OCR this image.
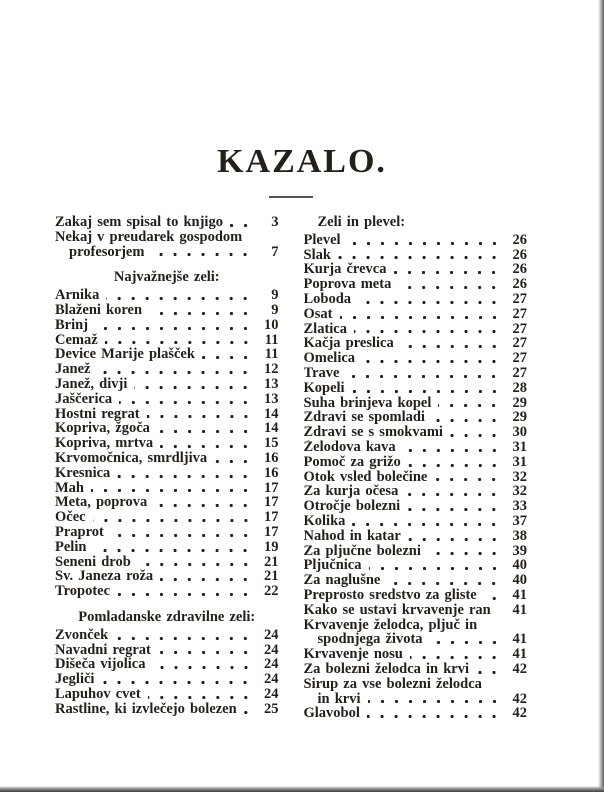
KAZALO.
Zakaj sem spisal to knjigo	3
Nekaj v preudarek gospodom
profesorjem	7
Najvažnejše zeli:
Arnika	9
Blaženi koren	9
Brinj	10
Čemaž	11
Device Marije plašček	11
Janež	12
Janež, divji	13
Jaščerica	13
Hostni regrat	14
Kopriva, žgoča	14
Kopriva, mrtva	15
Krvomočnica, smrdljiva	16
Kresnica	16
Mah	17
Meta, poprova	17
Očec	17
Praprot	17
Pelin	19
Seneni drob	21
Sv. Janeza roža	21
Tropotec	22
Pomladanske zdravilne zeli:
Zvonček	24
Navadni regrat	24
Dišeča vijolica	24
Jegliči	24
Lapuhov cvet	24
Rastline, ki izvlečejo bolezen	25
Zeli in plevel:
Plevel	26
Slak	26
Kurja črevca	26
Poprova meta	26
Loboda	27
Osat	27
Zlatica	27
Kačja preslica	27
Omelica	27
Trave	27
Kopeli	28
Suha brinjeva kopel	29
Zdravi se spomladi	29
Zdravi se s smokvami	30
Želodova kava	31
Pomoč za grižo	31
Otok vsled bolečine	32
Za kurja očesa	32
Otročje bolezni	33
Kolika	37
Nahod in katar	38
Za pljučne bolezni	39
Pljučnica	40
Za naglušne	40
Preprosto sredstvo za gliste	41
Kako se ustavi krvavenje ran	41
Krvavenje želodca, pljuč in
spodnjega života	41
Krvavenje nosu	41
Za bolezni želodca in krvi	42
Sirup za vse bolezni želodca
in krvi	42
Glavobol	42
